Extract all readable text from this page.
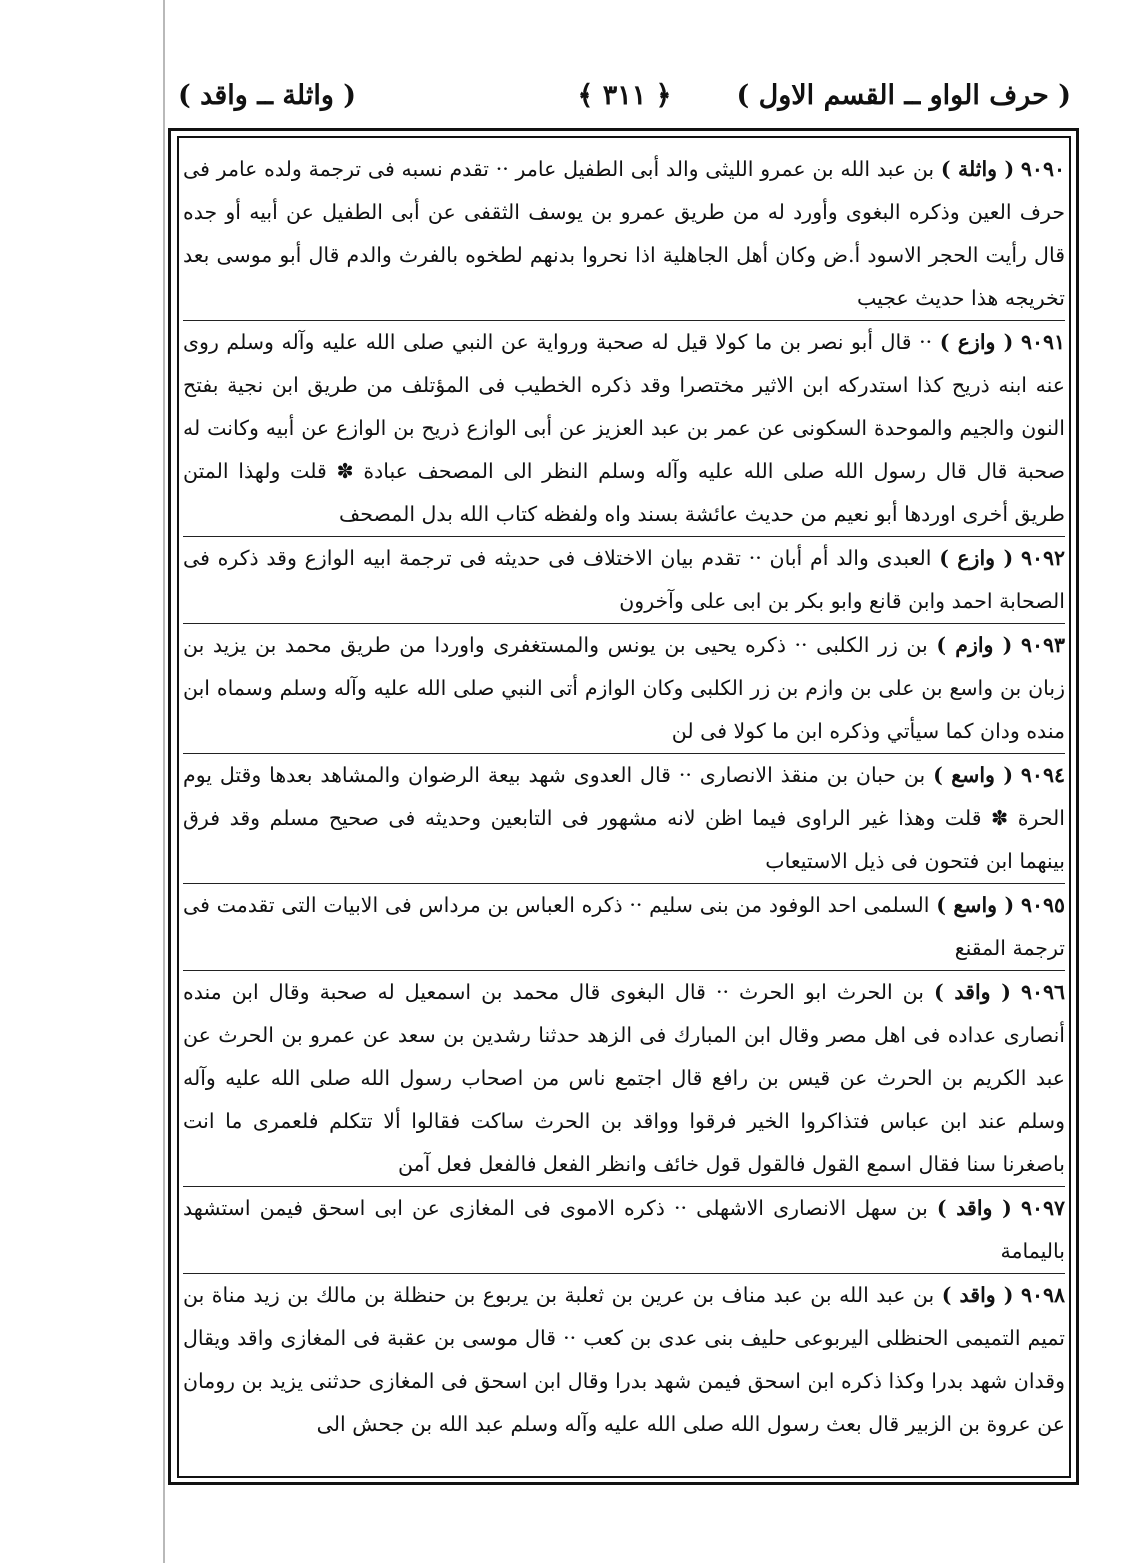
( حرف الواو ــ القسم الاول )
﴿ ٣١١ ﴾
( واثلة ــ واقد )

٩٠٩٠ ( واثلة ) بن عبد الله بن عمرو الليثى والد أبى الطفيل عامر ·· تقدم نسبه فى ترجمة ولده عامر فى حرف العين وذكره البغوى وأورد له من طريق عمرو بن يوسف الثقفى عن أبى الطفيل عن أبيه أو جده قال رأيت الحجر الاسود أ.ض وكان أهل الجاهلية اذا نحروا بدنهم لطخوه بالفرث والدم قال أبو موسى بعد تخريجه هذا حديث عجيب

٩٠٩١ ( وازع ) ·· قال أبو نصر بن ما كولا قيل له صحبة ورواية عن النبي صلى الله عليه وآله وسلم روى عنه ابنه ذريح كذا استدركه ابن الاثير مختصرا وقد ذكره الخطيب فى المؤتلف من طريق ابن نجية بفتح النون والجيم والموحدة السكونى عن عمر بن عبد العزيز عن أبى الوازع ذريح بن الوازع عن أبيه وكانت له صحبة قال قال رسول الله صلى الله عليه وآله وسلم النظر الى المصحف عبادة ✽ قلت ولهذا المتن طريق أخرى اوردها أبو نعيم من حديث عائشة بسند واه ولفظه كتاب الله بدل المصحف

٩٠٩٢ ( وازع ) العبدى والد أم أبان ·· تقدم بيان الاختلاف فى حديثه فى ترجمة ابيه الوازع وقد ذكره فى الصحابة احمد وابن قانع وابو بكر بن ابى على وآخرون

٩٠٩٣ ( وازم ) بن زر الكلبى ·· ذكره يحيى بن يونس والمستغفرى واوردا من طريق محمد بن يزيد بن زبان بن واسع بن على بن وازم بن زر الكلبى وكان الوازم أتى النبي صلى الله عليه وآله وسلم وسماه ابن منده ودان كما سيأتي وذكره ابن ما كولا فى لن

٩٠٩٤ ( واسع ) بن حبان بن منقذ الانصارى ·· قال العدوى شهد بيعة الرضوان والمشاهد بعدها وقتل يوم الحرة ✽ قلت وهذا غير الراوى فيما اظن لانه مشهور فى التابعين وحديثه فى صحيح مسلم وقد فرق بينهما ابن فتحون فى ذيل الاستيعاب

٩٠٩٥ ( واسع ) السلمى احد الوفود من بنى سليم ·· ذكره العباس بن مرداس فى الابيات التى تقدمت فى ترجمة المقنع

٩٠٩٦ ( واقد ) بن الحرث ابو الحرث ·· قال البغوى قال محمد بن اسمعيل له صحبة وقال ابن منده أنصارى عداده فى اهل مصر وقال ابن المبارك فى الزهد حدثنا رشدين بن سعد عن عمرو بن الحرث عن عبد الكريم بن الحرث عن قيس بن رافع قال اجتمع ناس من اصحاب رسول الله صلى الله عليه وآله وسلم عند ابن عباس فتذاكروا الخير فرقوا وواقد بن الحرث ساكت فقالوا ألا تتكلم فلعمرى ما انت باصغرنا سنا فقال اسمع القول فالقول قول خائف وانظر الفعل فالفعل فعل آمن

٩٠٩٧ ( واقد ) بن سهل الانصارى الاشهلى ·· ذكره الاموى فى المغازى عن ابى اسحق فيمن استشهد باليمامة

٩٠٩٨ ( واقد ) بن عبد الله بن عبد مناف بن عرين بن ثعلبة بن يربوع بن حنظلة بن مالك بن زيد مناة بن تميم التميمى الحنظلى اليربوعى حليف بنى عدى بن كعب ·· قال موسى بن عقبة فى المغازى واقد ويقال وقدان شهد بدرا وكذا ذكره ابن اسحق فيمن شهد بدرا وقال ابن اسحق فى المغازى حدثنى يزيد بن رومان عن عروة بن الزبير قال بعث رسول الله صلى الله عليه وآله وسلم عبد الله بن جحش الى
